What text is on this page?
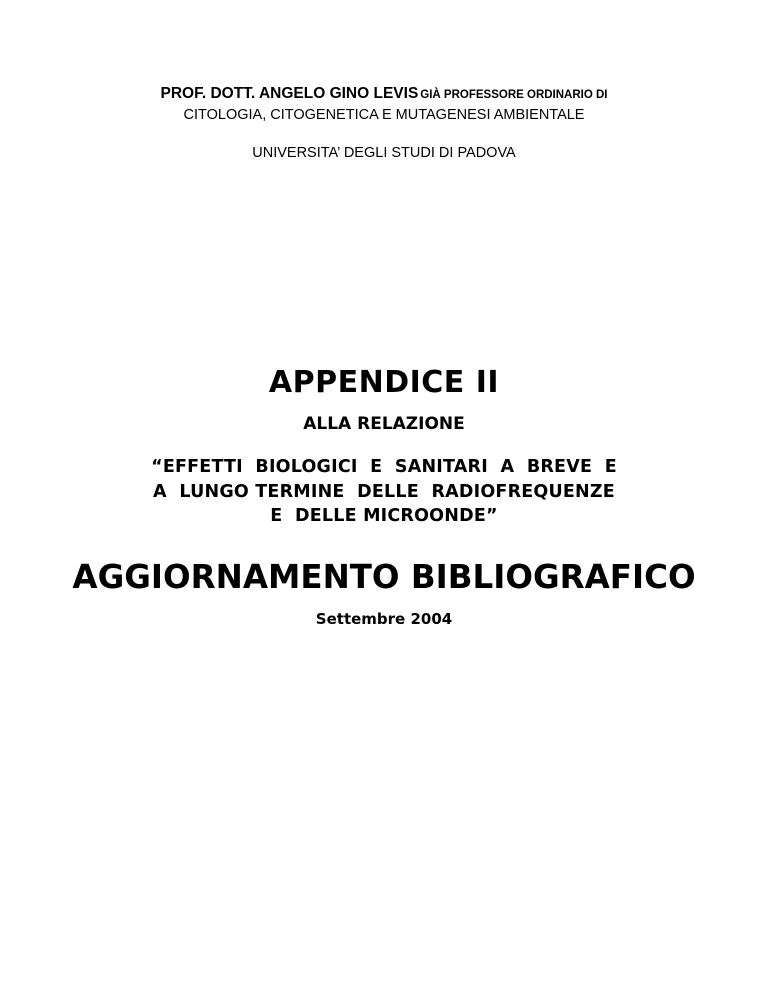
PROF. DOTT. ANGELO GINO LEVIS GIÀ PROFESSORE ORDINARIO DI
CITOLOGIA, CITOGENETICA E MUTAGENESI AMBIENTALE
UNIVERSITA’ DEGLI STUDI DI PADOVA
APPENDICE II
ALLA RELAZIONE
“EFFETTI  BIOLOGICI  E  SANITARI  A  BREVE  E
A  LUNGO TERMINE  DELLE  RADIOFREQUENZE
E  DELLE MICROONDE”
AGGIORNAMENTO BIBLIOGRAFICO
Settembre 2004
